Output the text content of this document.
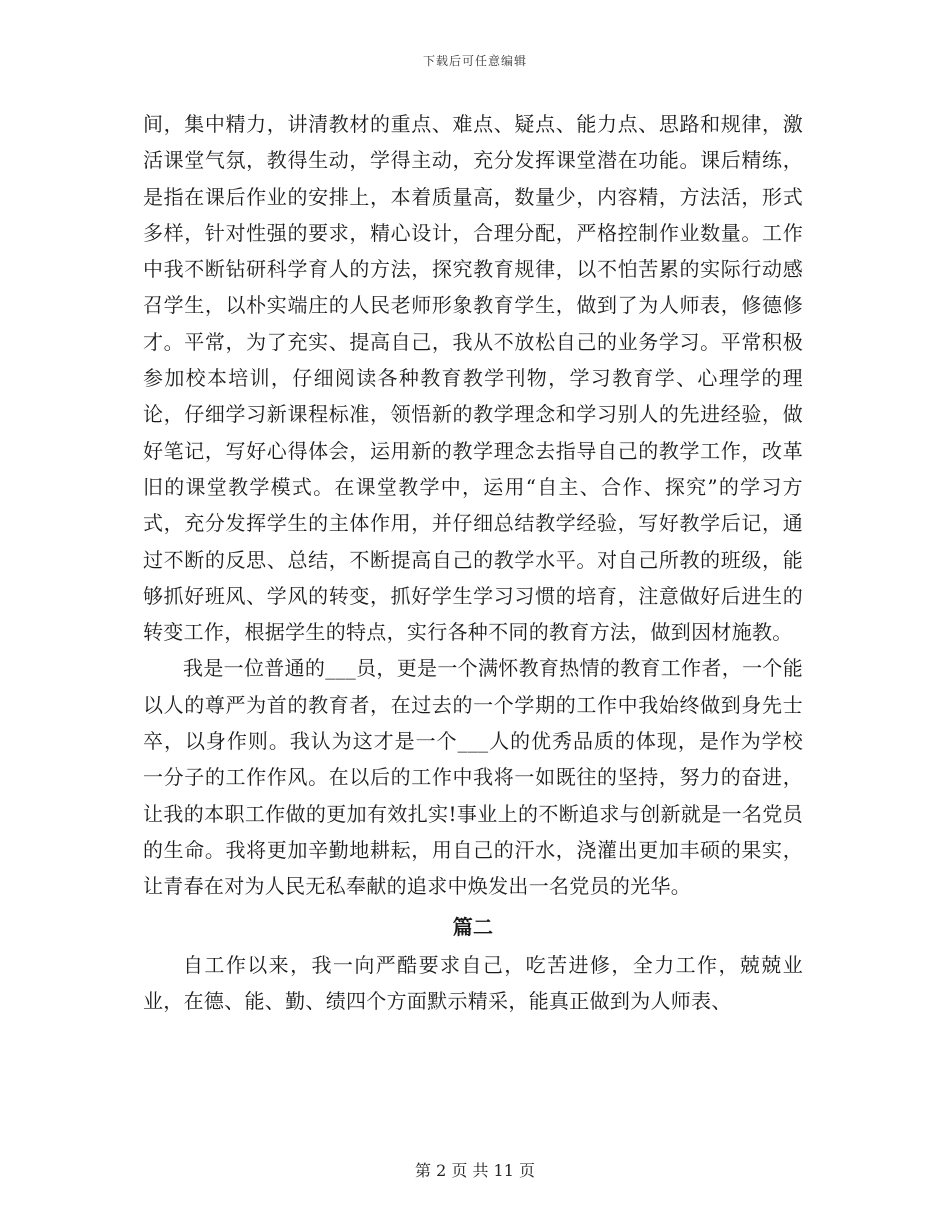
下载后可任意编辑

间，集中精力，讲清教材的重点、难点、疑点、能力点、思路和规律，激活课堂气氛，教得生动，学得主动，充分发挥课堂潜在功能。课后精练，是指在课后作业的安排上，本着质量高，数量少，内容精，方法活，形式多样，针对性强的要求，精心设计，合理分配，严格控制作业数量。工作中我不断钻研科学育人的方法，探究教育规律，以不怕苦累的实际行动感召学生，以朴实端庄的人民老师形象教育学生，做到了为人师表，修德修才。平常，为了充实、提高自己，我从不放松自己的业务学习。平常积极参加校本培训，仔细阅读各种教育教学刊物，学习教育学、心理学的理论，仔细学习新课程标准，领悟新的教学理念和学习别人的先进经验，做好笔记，写好心得体会，运用新的教学理念去指导自己的教学工作，改革旧的课堂教学模式。在课堂教学中，运用“自主、合作、探究”的学习方式，充分发挥学生的主体作用，并仔细总结教学经验，写好教学后记，通过不断的反思、总结，不断提高自己的教学水平。对自己所教的班级，能够抓好班风、学风的转变，抓好学生学习习惯的培育，注意做好后进生的转变工作，根据学生的特点，实行各种不同的教育方法，做到因材施教。

我是一位普通的___员，更是一个满怀教育热情的教育工作者，一个能以人的尊严为首的教育者，在过去的一个学期的工作中我始终做到身先士卒，以身作则。我认为这才是一个___人的优秀品质的体现，是作为学校一分子的工作作风。在以后的工作中我将一如既往的坚持，努力的奋进，让我的本职工作做的更加有效扎实!事业上的不断追求与创新就是一名党员的生命。我将更加辛勤地耕耘，用自己的汗水，浇灌出更加丰硕的果实，让青春在对为人民无私奉献的追求中焕发出一名党员的光华。

篇二

自工作以来，我一向严酷要求自己，吃苦进修，全力工作，兢兢业业，在德、能、勤、绩四个方面默示精采，能真正做到为人师表、

第 2 页 共 11 页
